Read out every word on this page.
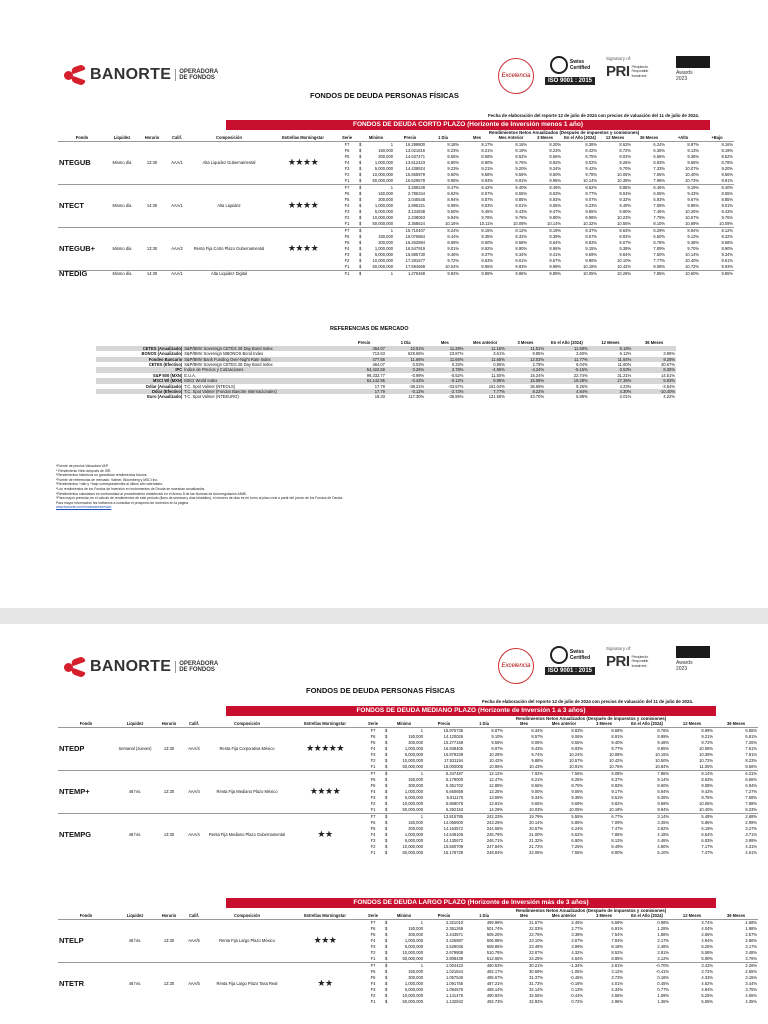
BANORTE OPERADORA
DE FONDOS	Excelencia
Swiss
Certified
ISO 9001 : 2015
Signatory of:
PRI Principles for
Responsible
Investment	Awards
2023
FONDOS DE DEUDA PERSONAS FÍSICAS
Fecha de elaboración del reporte 12 de julio de 2024 con precios de valuación del 11 de julio de 2024.
FONDOS DE DEUDA CORTO PLAZO (Horizonte de Inversión menos 1 año)
									Rendimientos Netos Anualizados (Después de impuestos y comisiones)									
Fondo	Liquidez	Horario	Calif.	Composición	Estrellas Morningstar	Serie	Mínimo		Precio	1 Día	Mes	Mes Anterior	3 Meses	En el Año (2024)	12 Meses	36 Meses	+Alto	+Bajo
NTEGUB	Mismo día	13:30	AAA/1	Alta Liquidez Gubernamental	★★★★	F7	$	1	16.299800	8.18%	8.17%	8.16%	8.20%	8.38%	8.63%	6.24%	8.97%	8.16%
						F6	$	150,000	13.021816	8.23%	8.21%	8.19%	8.23%	8.42%	8.72%	6.36%	9.13%	8.19%
						F5	$	300,000	14.637471	8.56%	8.58%	8.52%	8.56%	8.75%	9.02%	6.65%	9.38%	8.52%
						F4	$	1,000,000	13.612423	8.80%	8.80%	8.76%	8.82%	9.02%	9.26%	6.93%	9.68%	8.78%
						F3	$	5,000,000	14.438824	9.23%	9.21%	9.20%	9.24%	9.42%	9.70%	7.33%	10.07%	9.20%
						F2	$	10,000,000	15.665979	9.60%	9.58%	9.56%	9.60%	9.78%	10.05%	7.65%	10.40%	9.56%
						F1	$	50,000,000	16.629678	9.95%	9.93%	9.91%	9.95%	10.14%	10.39%	7.98%	10.73%	9.91%
NTECT	Mismo día	14:30	AAA/1	Alta Liquidez	★★★★	F7	$	1	3.289249	8.47%	8.42%	8.40%	8.49%	8.62%	8.86%	6.46%	9.19%	8.40%
						F6	$	150,000	2.786344	8.62%	8.57%	8.55%	8.63%	8.77%	9.04%	6.65%	9.43%	8.55%
						F5	$	300,000	3.045548	8.94%	8.87%	8.85%	8.93%	9.07%	9.32%	6.93%	9.67%	8.85%
						F4	$	1,000,000	2.895221	9.08%	9.03%	9.01%	9.05%	9.23%	9.49%	7.08%	9.85%	9.01%
						F3	$	5,000,000	3.134838	9.50%	9.45%	9.43%	9.47%	9.65%	9.90%	7.46%	10.25%	9.43%
						F2	$	10,000,000	2.238063	9.84%	9.78%	9.76%	9.80%	9.98%	10.23%	7.79%	10.57%	9.76%
						F1	$	50,000,000	3.368624	10.16%	10.11%	10.09%	10.14%	10.32%	10.56%	8.10%	10.89%	10.09%
NTEGUB+	Mismo día	13:30	AAA/2	Renta Fija Corto Plazo Gubernamental	★★★★	F7	$	1	15.710407	8.24%	8.15%	8.12%	8.19%	8.37%	8.63%	6.29%	8.94%	8.12%
						F6	$	150,000	16.076864	8.44%	8.35%	8.32%	8.39%	8.57%	8.82%	6.50%	9.13%	8.32%
						F5	$	300,000	16.262884	8.69%	8.60%	8.58%	8.64%	8.83%	9.07%	6.78%	9.38%	8.58%
						F4	$	1,000,000	16.547919	9.01%	8.92%	8.90%	8.96%	9.15%	9.39%	7.09%	9.70%	8.90%
						F3	$	5,000,000	16.885730	9.46%	9.37%	9.34%	9.41%	9.59%	9.84%	7.50%	10.14%	9.34%
						F2	$	10,000,000	17.281577	9.72%	9.63%	9.61%	9.67%	9.86%	10.10%	7.77%	10.40%	9.61%
						F1	$	50,000,000	17.594669	10.04%	9.95%	9.93%	9.99%	10.18%	10.42%	8.08%	10.72%	9.93%
NTEDIG	Mismo día	14:30	AAA/1	Alta Liquidez Digital		F1	$	1	1.275469	9.92%	9.88%	9.86%	9.89%	10.05%	10.29%	7.85%	10.60%	9.86%
REFERENCIAS DE MERCADO
		Precio	1 Día	Mes	Mes anterior	3 Meses	En el Año (2024)	12 Meses	36 Meses
CETES (Anualizado)	S&P/BMV Sovereign CETES 28 Day Bond Index	464.07	10.91%	11.28%	11.16%	11.51%	11.59%	9.18%	
BONOS (Anualizado)	S&P/BMV Sovereign MBONOS Bond Index	713.63	628.65%	23.87%	3.61%	9.85%	2.60%	6.12%	3.95%
Fondeo Bancario	S&P/BMV Bank Funding Over-Night Rate Index	477.56	11.66%	11.66%	11.65%	12.03%	11.77%	11.84%	9.28%
CETES (Efectivo)	S&P/BMV Sovereign CETES 28 Day Bond Index	464.07	0.03%	0.33%	0.85%	2.79%	6.04%	11.80%	30.67%
IPC	Índice de Precios y Cotizaciones	54,422.59	0.26%	3.78%	-4.96%	-4.24%	-5.16%	0.53%	8.35%
S&P 500 (MXN)	E.U.A.	99,332.77	-0.99%	-0.52%	11.50%	16.24%	22.74%	31.21%	14.51%
MSCI Wl (MXN)	MSCI World Index	64,142.95	-0.42%	-0.12%	9.85%	15.08%	19.28%	27.36%	5.83%
Dólar (Anualizado)	T.C. Spot Valmer (NTEOLS)	17.79	-38.21%	-33.57%	161.04%	36.69%	9.26%	4.23%	-3.54%
Dólar (Efectivo)	T.C. Spot Valmer (Fondos Banorte Internacionales)	17.79	-0.12%	-2.73%	7.77%	8.22%	4.84%	4.30%	-10.40%
Euro (Anualizado)	T.C. Spot Valmer (NTEEURO)	19.33	117.30%	-36.86%	121.56%	43.70%	5.88%	2.01%	4.22%
*Fuente de precios Valuadora VAP.
* Rendimiento Neto después de ISR.
*Rendimientos históricos no garantizan rendimientos futuros.
*Fuente de referencias de mercado: Valmer, Bloomberg y MSCI Inc.
*Rendimientos +alto y +bajo correspondientes al último año calendario.
*Los rendimientos de los Fondos de Inversión en instrumentos de Deuda se muestran anualizados.
*Rendimientos calculados en conformidad al procedimiento establecido en el Anexo 8 de las Normas de Autorregulación AMIB.
*Para mayor precisión en el cálculo de rendimientos de este periodo (fines de semana y días inhábiles), el número de días es en torno al plazo real a partir del precio de los Fondos de Deuda.
Para mayor información les invitamos a consultar el prospecto de inversión en la página
www.banorte.com/fondosdeinversion
BANORTE OPERADORA
DE FONDOS
Excelencia
Swiss
Certified
ISO 9001 : 2015
Signatory of:
PRI Principles for
Responsible
Investment	Awards
2023
FONDOS DE DEUDA PERSONAS FÍSICAS
Fecha de elaboración del reporte 12 de julio de 2024 con precios de valuación del 11 de julio de 2024.
FONDOS DE DEUDA MEDIANO PLAZO (Horizonte de Inversión 1 a 3 años)
									Rendimientos Netos Anualizados (Después de impuestos y comisiones)							
Fondo	Liquidez	Horario	Calif.	Composición	Estrellas Morningstar	Serie	Mínimo		Precio	1 Día	Mes	Mes anterior	3 Meses	En el Año (2024)	12 Meses	36 Meses
NTEDP	Semanal (Jueves)	13:30	AAA/4	Renta Fija Corporativa México	★★★★★	F7	$	1	15.975736	8.87%	8.34%	8.83%	8.68%	8.76%	8.99%	6.55%
						F6	$	150,000	14.120026	9.10%	8.57%	9.06%	8.91%	8.99%	9.21%	6.81%
						F5	$	300,000	15.277159	9.58%	9.06%	9.55%	9.40%	9.48%	9.72%	7.26%
						F4	$	1,000,000	16.938405	9.97%	9.43%	9.93%	9.77%	9.85%	10.08%	7.61%
						F3	$	5,000,000	16.879339	10.28%	9.74%	10.24%	10.08%	10.16%	10.39%	7.91%
						F2	$	10,000,000	17.531194	10.42%	9.88%	10.57%	10.42%	10.50%	10.72%	8.23%
						F1	$	50,000,000	18.000005	10.96%	10.43%	10.91%	10.76%	10.84%	11.05%	8.56%
NTEMP+	48 hrs.	13:30	AAA/4	Renta Fija Mediano Plazo México	★★★★	F7	$	1	5.347487	12.12%	7.92%	7.56%	8.08%	7.86%	8.14%	6.21%
						F6	$	150,000	5.179000	12.47%	8.21%	8.25%	8.37%	8.14%	8.63%	6.56%
						F5	$	300,000	5.351702	12.88%	8.66%	8.70%	8.83%	8.60%	9.08%	6.94%
						F4	$	1,000,000	5.660658	13.25%	9.00%	9.05%	9.17%	8.94%	9.42%	7.27%
						F3	$	5,000,000	5.911175	13.59%	9.34%	9.38%	9.51%	9.28%	9.75%	7.58%
						F2	$	10,000,000	5.868076	13.91%	9.65%	9.69%	9.82%	9.58%	10.06%	7.88%
						F1	$	50,000,000	6.292153	14.29%	10.03%	10.05%	10.18%	9.94%	10.40%	8.23%
NTEMPG	48 hrs.	13:30	AAA/4	Renta Fija Mediano Plazo Gubernamental	★★	F7	$	1	13.815785	242.23%	19.79%	5.55%	6.77%	3.14%	5.48%	2.68%
						F6	$	150,000	14.055600	243.25%	20.14%	5.86%	7.09%	3.45%	5.86%	2.99%
						F5	$	300,000	14.163572	244.58%	20.57%	6.24%	7.47%	3.82%	6.19%	3.27%
						F4	$	1,000,000	14.648106	245.79%	21.00%	6.62%	7.85%	4.18%	6.54%	3.71%
						F3	$	5,000,000	14.130672	246.71%	21.32%	6.90%	8.13%	4.46%	6.83%	3.99%
						F2	$	10,000,000	15.560709	247.84%	21.72%	7.25%	8.49%	4.80%	7.17%	4.31%
						F1	$	50,000,000	15.178728	248.84%	22.06%	7.55%	8.80%	5.10%	7.47%	4.61%
FONDOS DE DEUDA LARGO PLAZO (Horizonte de Inversión más de 3 años)
									Rendimientos Netos Anualizados (Después de impuestos y comisiones)							
Fondo	Liquidez	Horario	Calif.	Composición	Estrellas Morningstar	Serie	Mínimo		Precio	1 Día	Mes	Mes anterior	3 Meses	En el Año (2024)	12 Meses	36 Meses
NTELP	48 hrs.	13:30	AAA/5	Renta Fija Largo Plazo México	★★★	F7	$	1	2.321010	499.98%	21.67%	2.46%	6.59%	0.98%	3.74%	1.68%
						F6	$	150,000	2.361268	501.74%	22.03%	2.77%	6.91%	1.28%	4.04%	1.98%
						F5	$	300,000	2.443871	505.25%	22.75%	3.38%	7.54%	1.88%	4.65%	2.57%
						F4	$	1,000,000	2.426887	506.98%	23.10%	3.67%	7.84%	2.17%	4.94%	2.86%
						F3	$	5,000,000	2.529036	508.86%	23.48%	3.99%	8.18%	2.48%	5.26%	3.17%
						F2	$	10,000,000	2.679808	510.78%	23.87%	4.32%	8.52%	2.81%	5.58%	3.48%
						F1	$	50,000,000	2.808439	512.65%	24.25%	4.64%	8.85%	3.12%	5.90%	3.76%
NTETR	48 hrs.	13:30	AAA/5	Renta Fija Largo Plazo Tasa Real	★★	F7	$	1	1.004423	480.53%	30.21%	-1.34%	2.81%	-0.70%	3.42%	2.26%
						F6	$	150,000	1.021844	482.17%	30.59%	-1.05%	3.12%	-0.41%	3.72%	2.55%
						F5	$	300,000	1.057540	485.67%	31.37%	-0.46%	3.73%	0.18%	4.33%	3.15%
						F4	$	1,000,000	1.091755	487.21%	31.73%	-0.18%	4.01%	0.45%	4.62%	3.44%
						F3	$	5,000,000	1.094575	488.14%	32.14%	0.13%	4.34%	0.77%	4.94%	3.75%
						F2	$	10,000,000	1.141476	490.92%	32.55%	0.44%	4.66%	1.08%	5.25%	4.06%
						F1	$	50,000,000	1.132842	492.73%	32.92%	0.72%	4.96%	1.36%	5.55%	4.35%
